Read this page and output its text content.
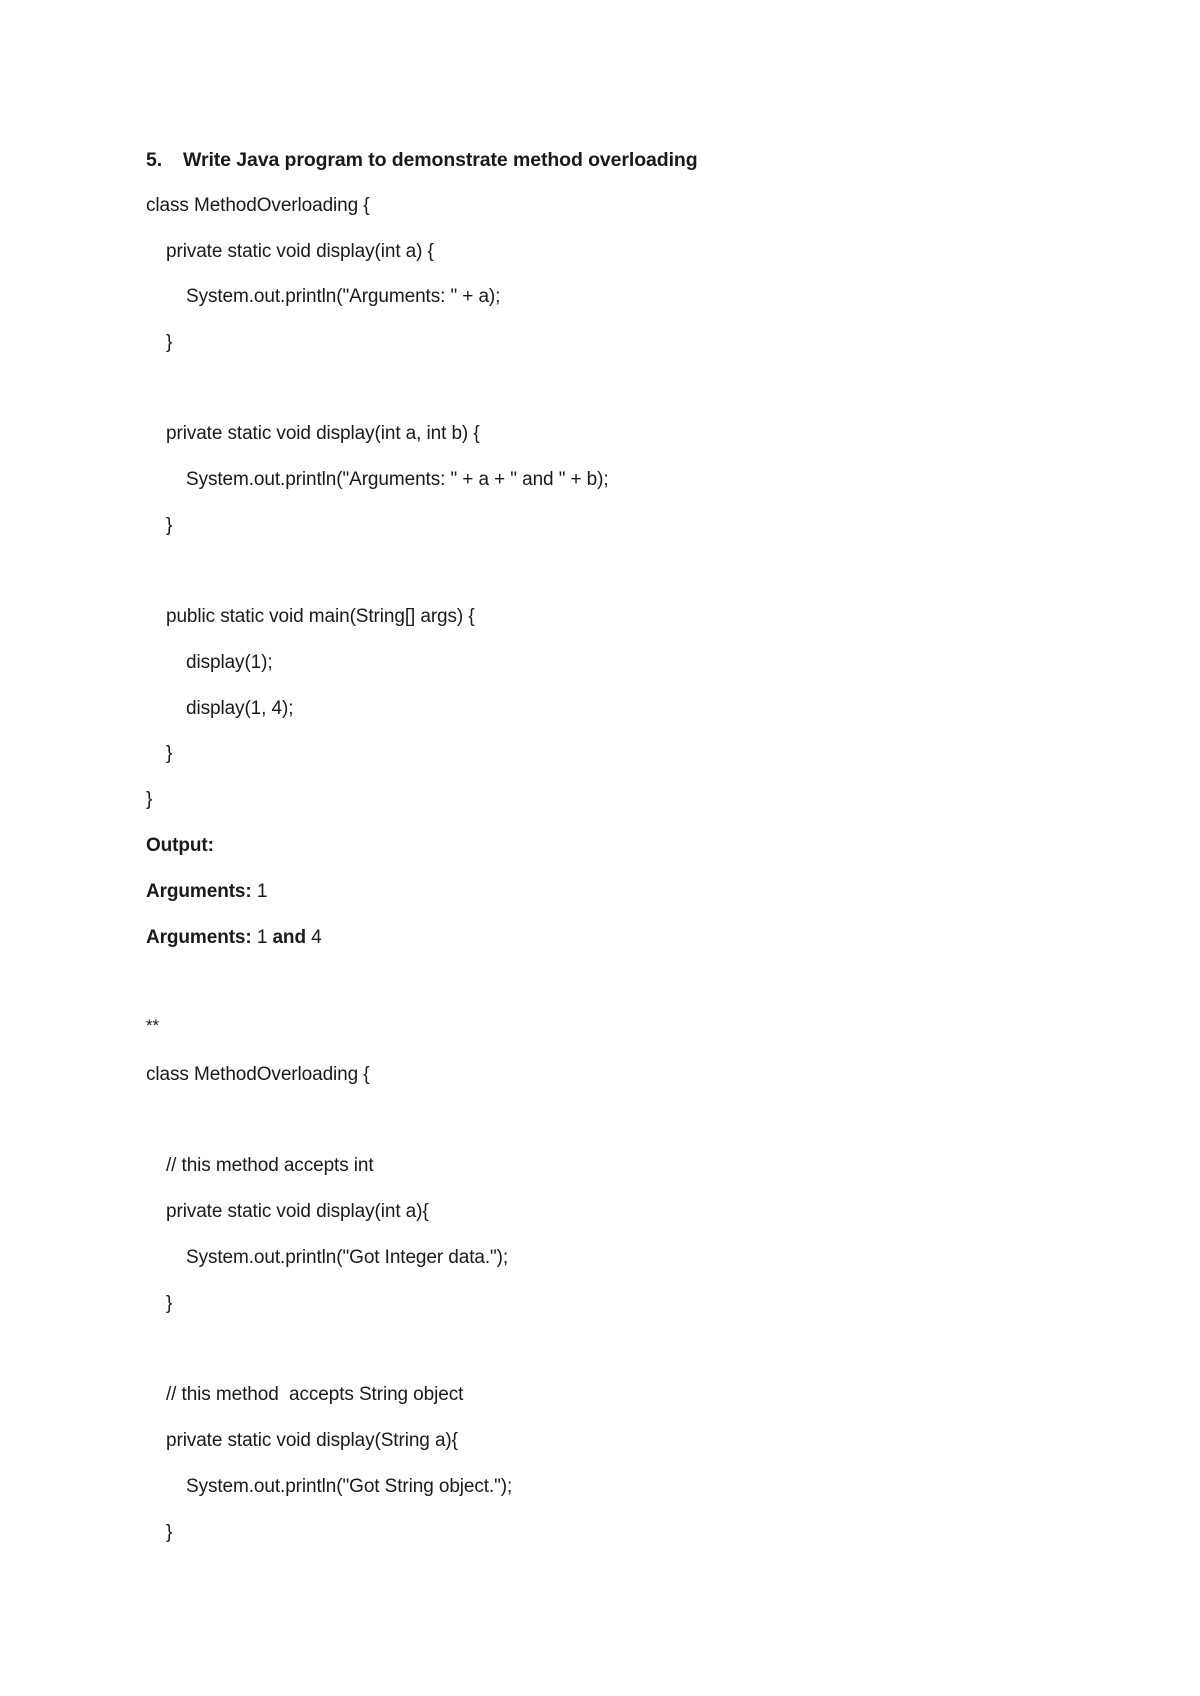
5. Write Java program to demonstrate method overloading
class MethodOverloading {
private static void display(int a) {
System.out.println("Arguments: " + a);
}
private static void display(int a, int b) {
System.out.println("Arguments: " + a + " and " + b);
}
public static void main(String[] args) {
display(1);
display(1, 4);
}
}
Output:
Arguments: 1
Arguments: 1 and 4
**
class MethodOverloading {
// this method accepts int
private static void display(int a){
System.out.println("Got Integer data.");
}
// this method  accepts String object
private static void display(String a){
System.out.println("Got String object.");
}
